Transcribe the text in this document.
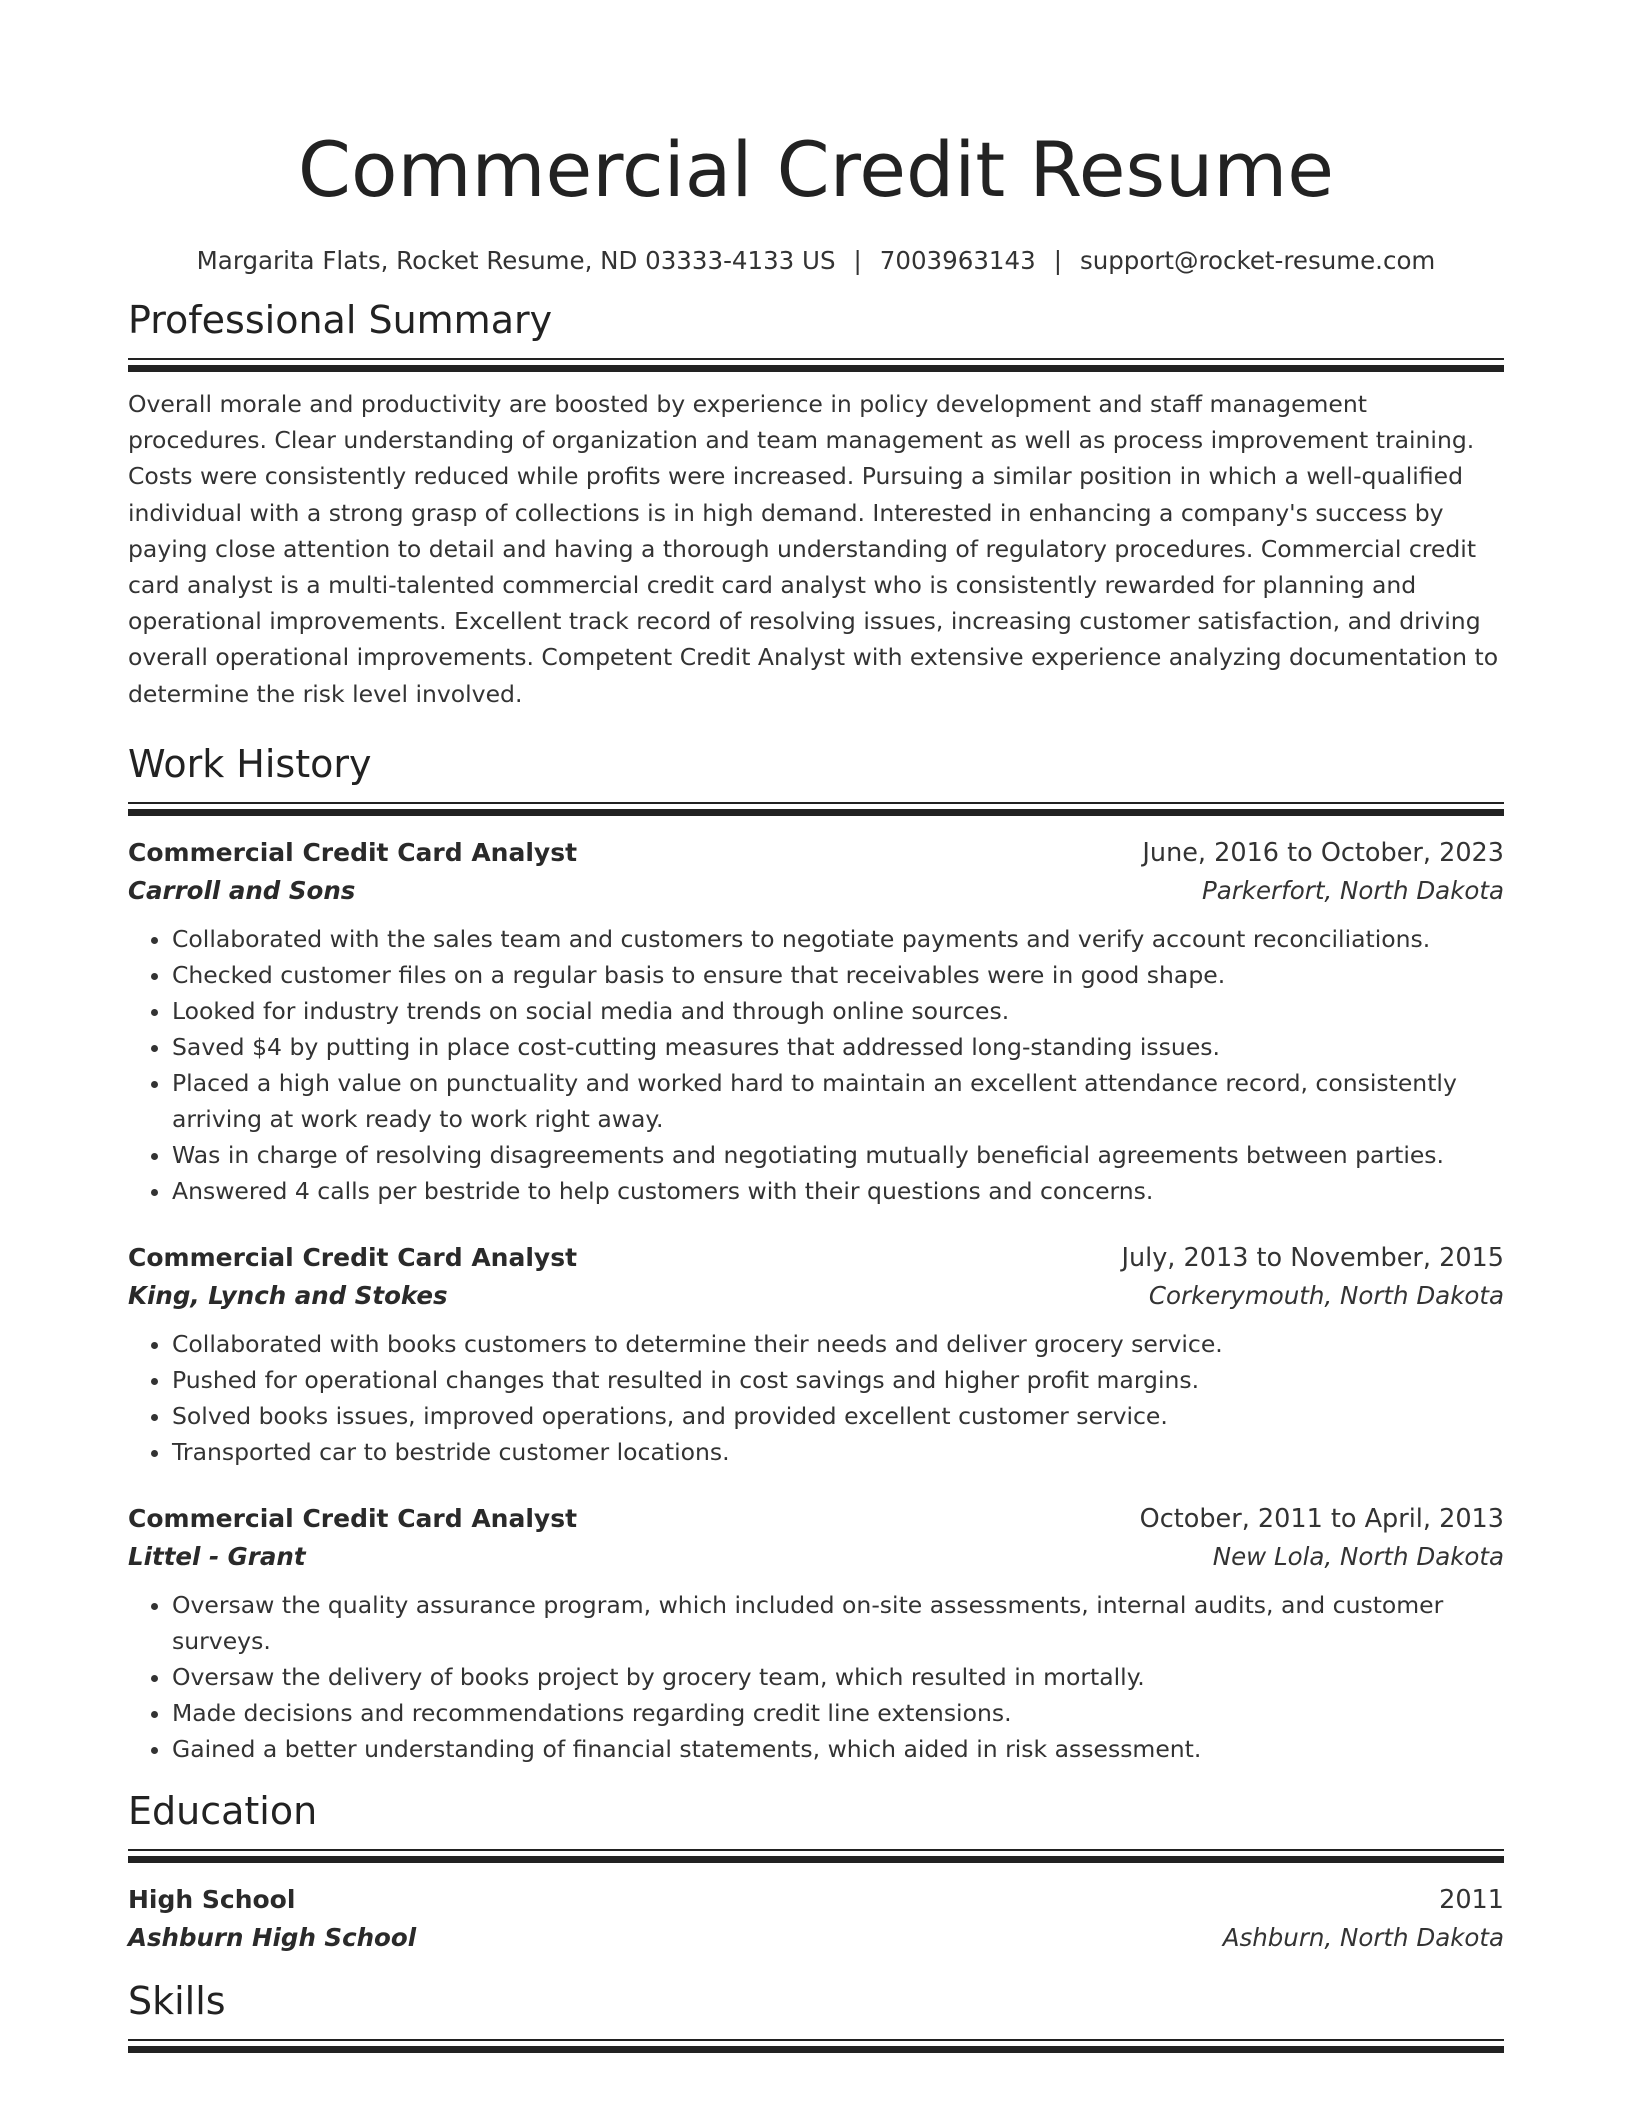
Commercial Credit Resume
Margarita Flats, Rocket Resume, ND 03333-4133 US | 7003963143 | support@rocket-resume.com
Professional Summary
Overall morale and productivity are boosted by experience in policy development and staff management procedures. Clear understanding of organization and team management as well as process improvement training. Costs were consistently reduced while profits were increased. Pursuing a similar position in which a well-qualified individual with a strong grasp of collections is in high demand. Interested in enhancing a company's success by paying close attention to detail and having a thorough understanding of regulatory procedures. Commercial credit card analyst is a multi-talented commercial credit card analyst who is consistently rewarded for planning and operational improvements. Excellent track record of resolving issues, increasing customer satisfaction, and driving overall operational improvements. Competent Credit Analyst with extensive experience analyzing documentation to determine the risk level involved.
Work History
Commercial Credit Card Analyst	June, 2016 to October, 2023
Carroll and Sons	Parkerfort, North Dakota
• Collaborated with the sales team and customers to negotiate payments and verify account reconciliations.
• Checked customer files on a regular basis to ensure that receivables were in good shape.
• Looked for industry trends on social media and through online sources.
• Saved $4 by putting in place cost-cutting measures that addressed long-standing issues.
• Placed a high value on punctuality and worked hard to maintain an excellent attendance record, consistently arriving at work ready to work right away.
• Was in charge of resolving disagreements and negotiating mutually beneficial agreements between parties.
• Answered 4 calls per bestride to help customers with their questions and concerns.
Commercial Credit Card Analyst	July, 2013 to November, 2015
King, Lynch and Stokes	Corkerymouth, North Dakota
• Collaborated with books customers to determine their needs and deliver grocery service.
• Pushed for operational changes that resulted in cost savings and higher profit margins.
• Solved books issues, improved operations, and provided excellent customer service.
• Transported car to bestride customer locations.
Commercial Credit Card Analyst	October, 2011 to April, 2013
Littel - Grant	New Lola, North Dakota
• Oversaw the quality assurance program, which included on-site assessments, internal audits, and customer surveys.
• Oversaw the delivery of books project by grocery team, which resulted in mortally.
• Made decisions and recommendations regarding credit line extensions.
• Gained a better understanding of financial statements, which aided in risk assessment.
Education
High School	2011
Ashburn High School	Ashburn, North Dakota
Skills
